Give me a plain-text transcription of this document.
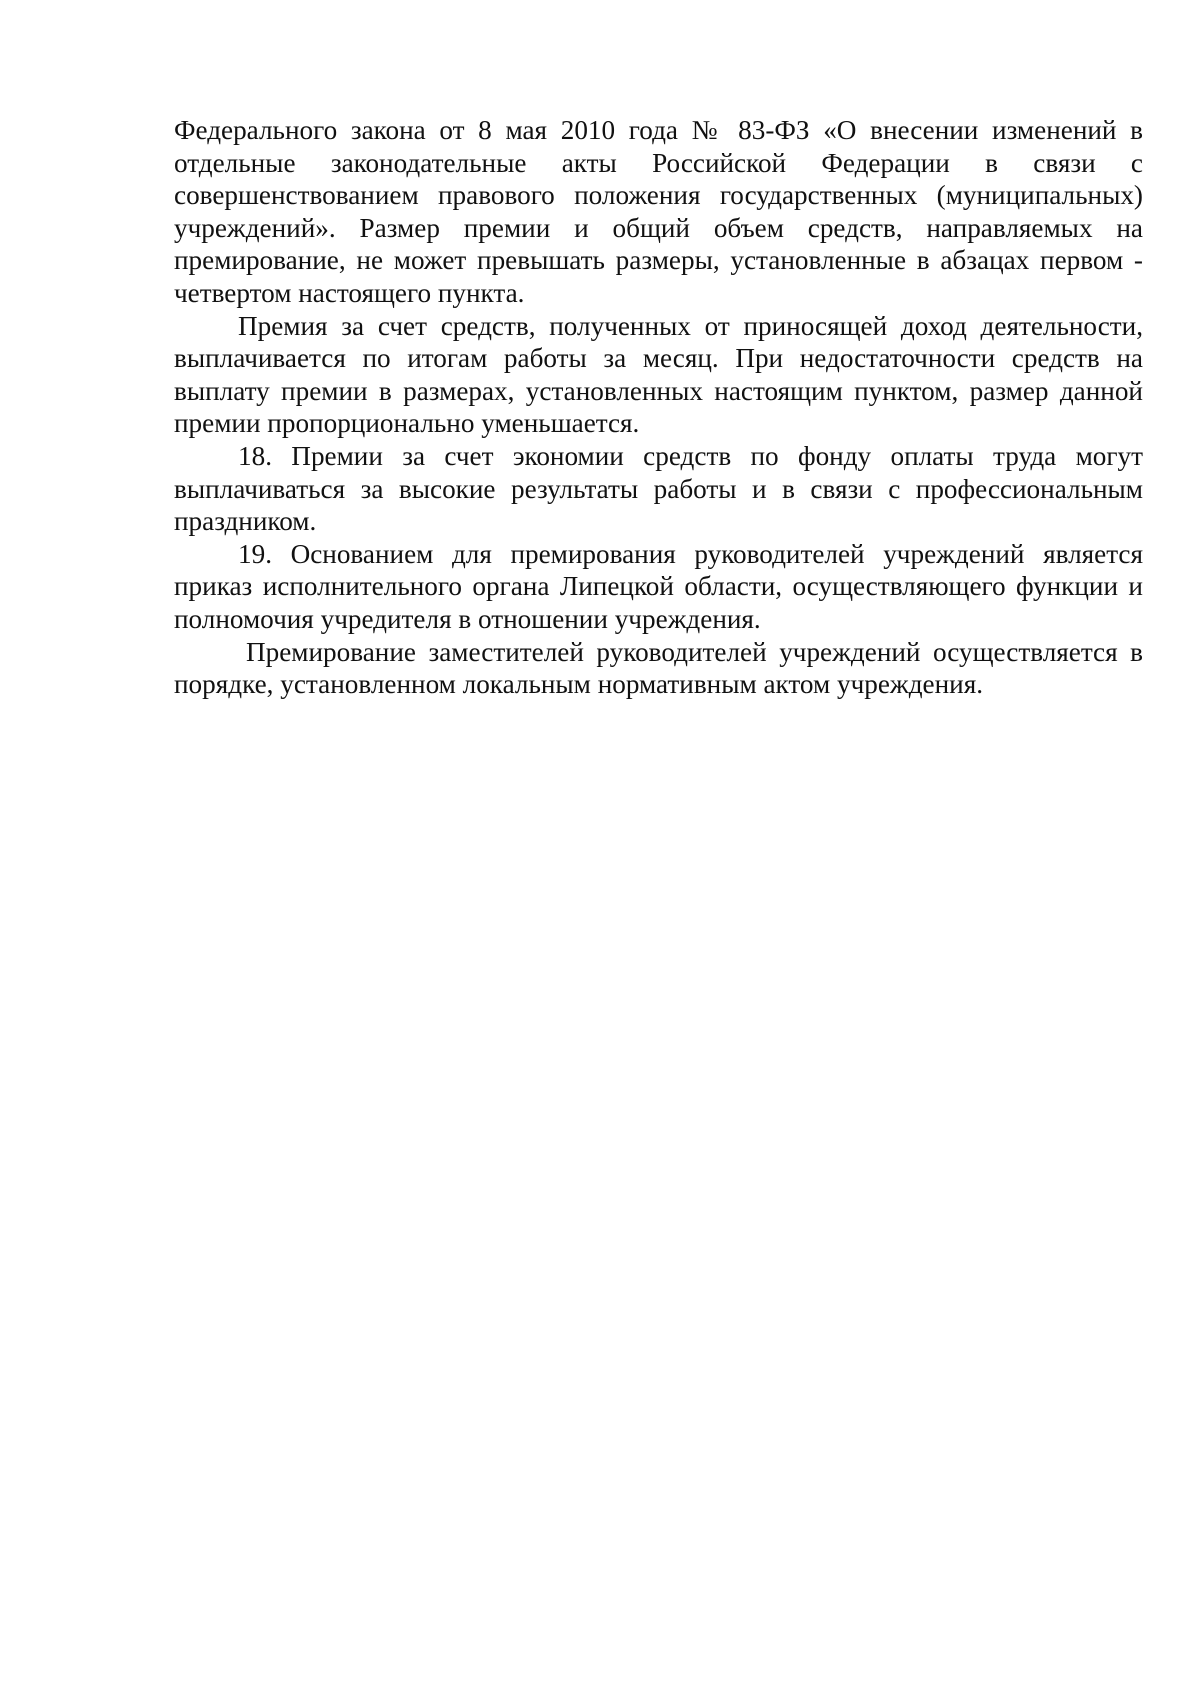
Федерального закона от 8 мая 2010 года № 83-ФЗ «О внесении изменений в отдельные законодательные акты Российской Федерации в связи с совершенствованием правового положения государственных (муниципальных) учреждений». Размер премии и общий объем средств, направляемых на премирование, не может превышать размеры, установленные в абзацах первом - четвертом настоящего пункта.

Премия за счет средств, полученных от приносящей доход деятельности, выплачивается по итогам работы за месяц. При недостаточности средств на выплату премии в размерах, установленных настоящим пунктом, размер данной премии пропорционально уменьшается.

18. Премии за счет экономии средств по фонду оплаты труда могут выплачиваться за высокие результаты работы и в связи с профессиональным праздником.

19. Основанием для премирования руководителей учреждений является приказ исполнительного органа Липецкой области, осуществляющего функции и полномочия учредителя в отношении учреждения.

Премирование заместителей руководителей учреждений осуществляется в порядке, установленном локальным нормативным актом учреждения.
